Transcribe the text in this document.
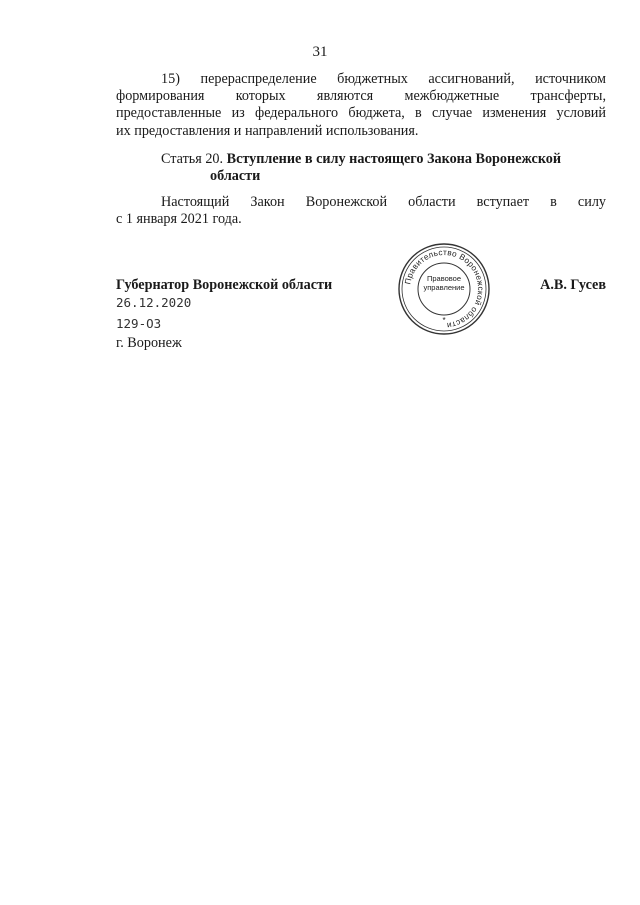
31
15) перераспределение бюджетных ассигнований, источником
формирования которых являются межбюджетные трансферты,
предоставленные из федерального бюджета, в случае изменения условий
их предоставления и направлений использования.
Статья 20. Вступление в силу настоящего Закона Воронежской
области
Настоящий Закон Воронежской области вступает в силу
с 1 января 2021 года.
Губернатор Воронежской области	Правительство Воронежской области
*
Правовое
управление	А.В. Гусев
26.12.2020
129-ОЗ
г. Воронеж
